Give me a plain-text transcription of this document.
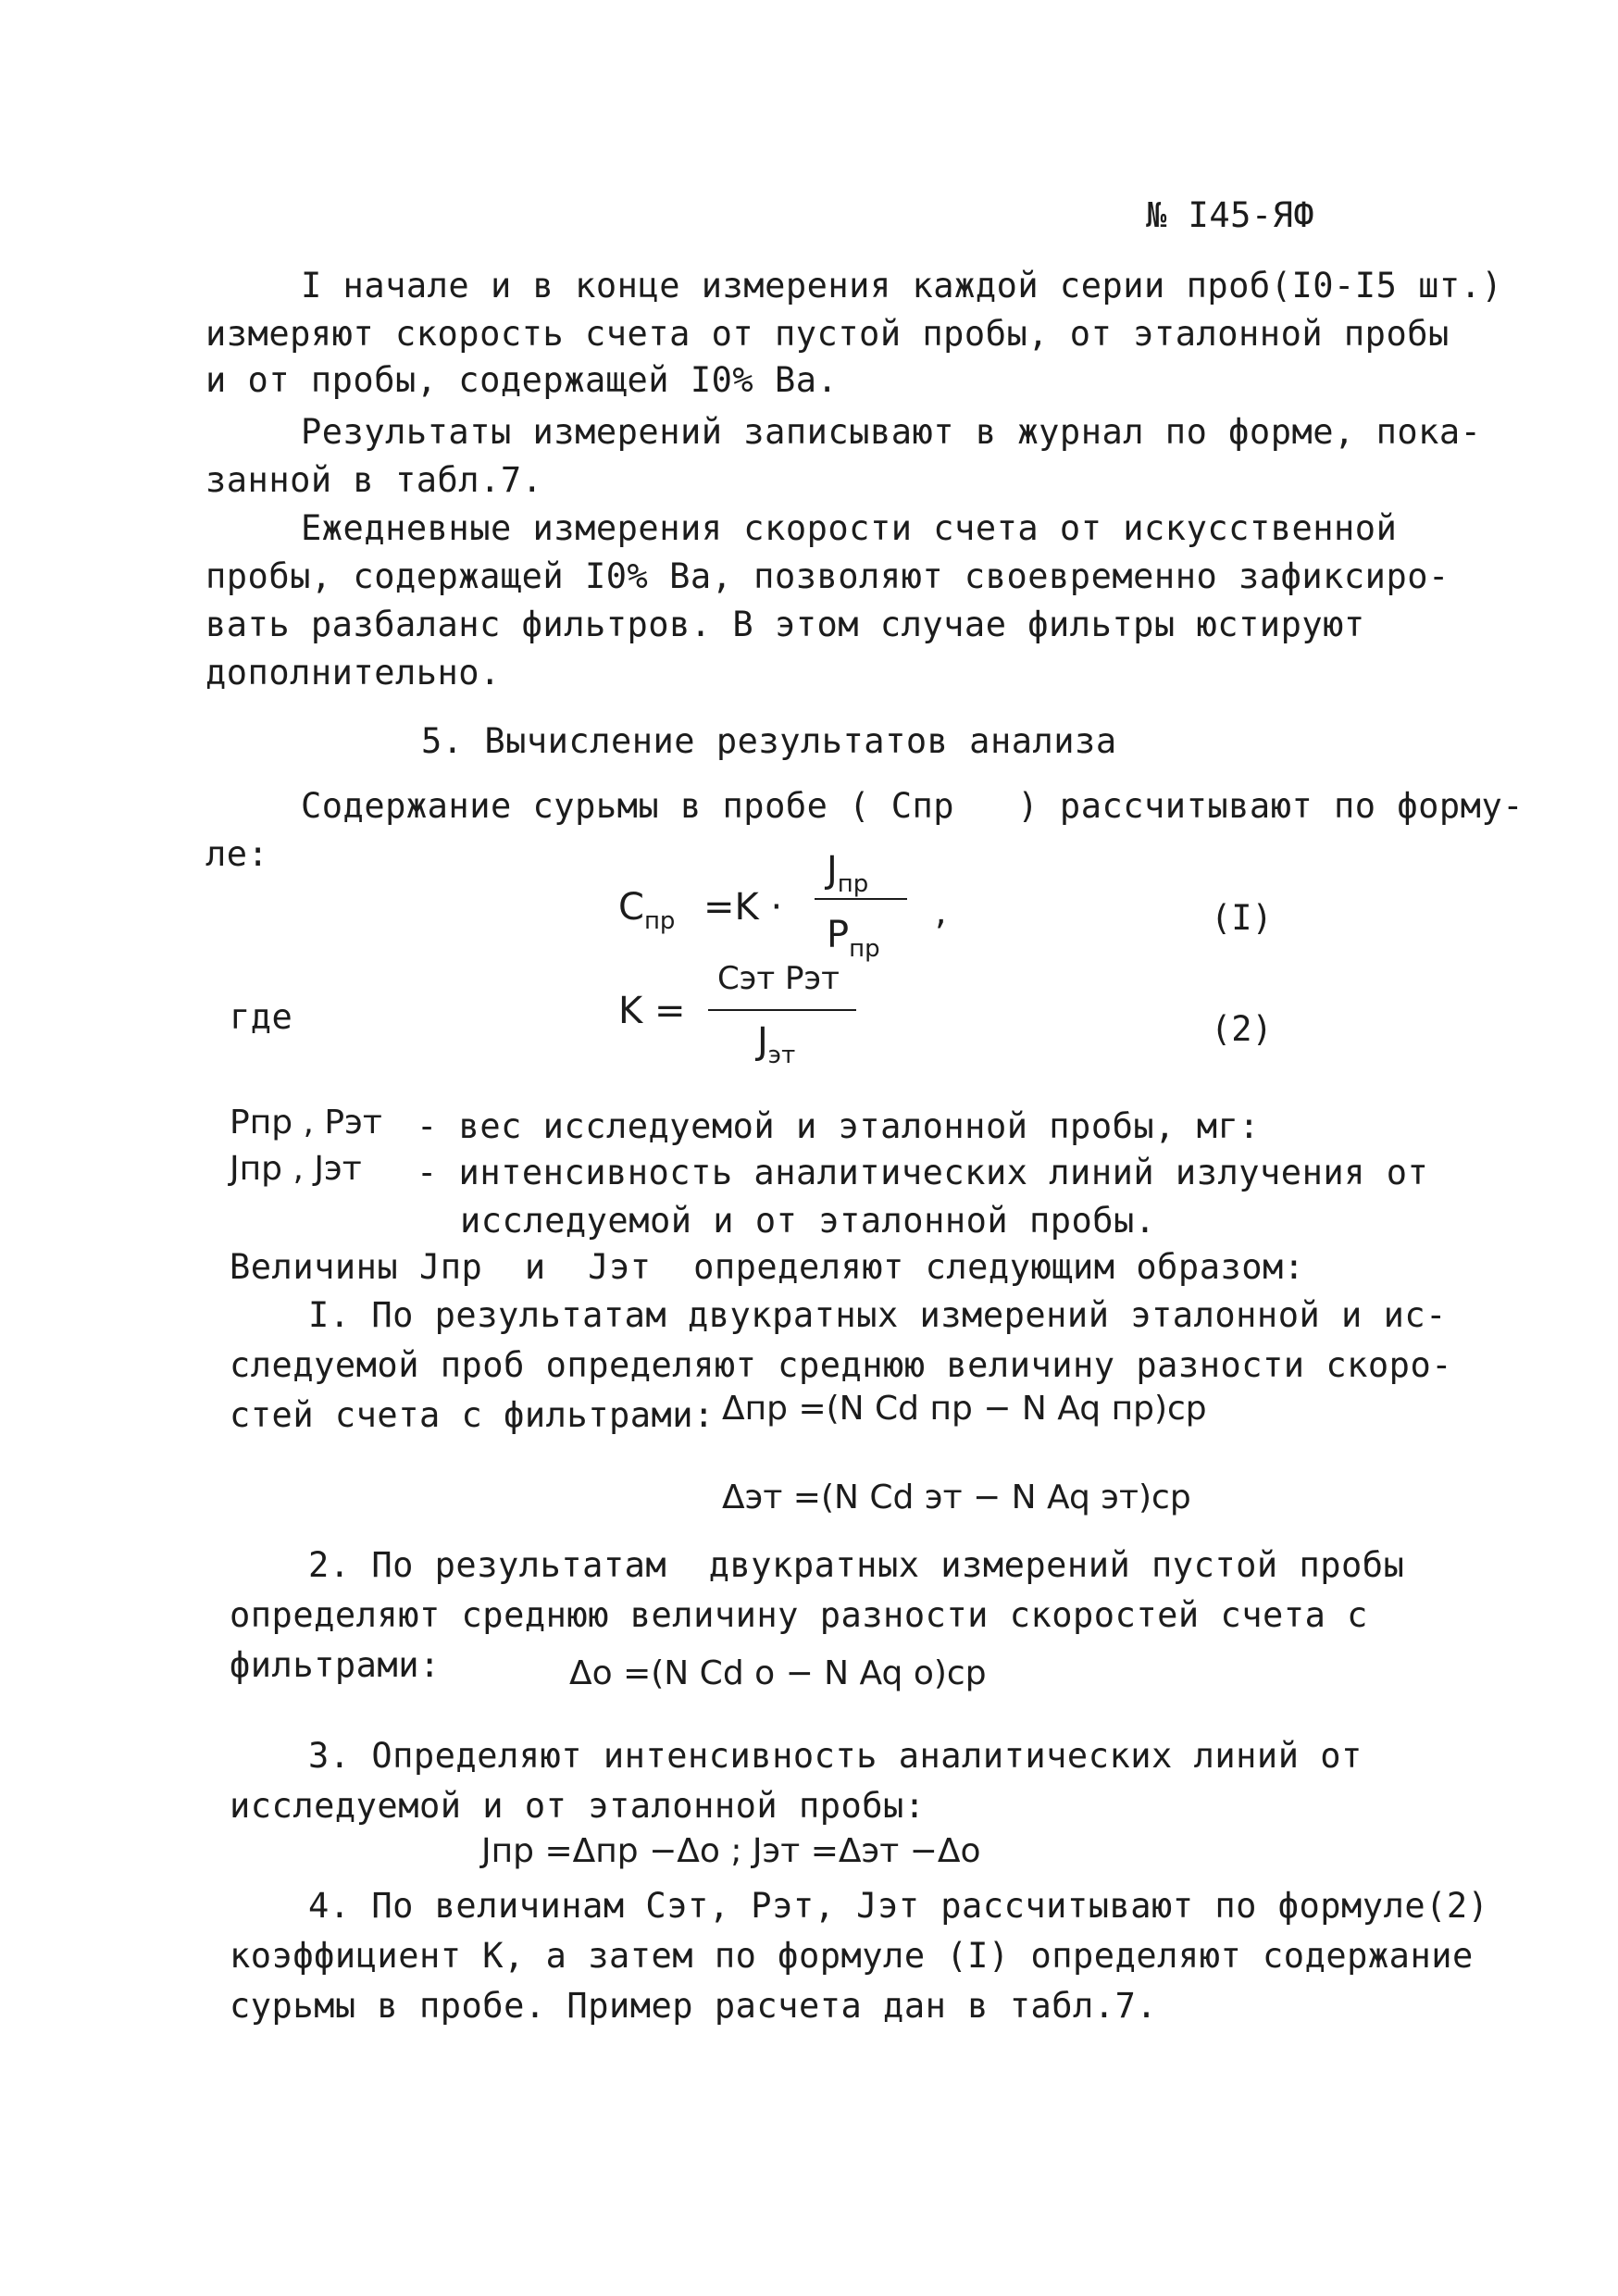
№ I45-ЯФ
I начале и в конце измерения каждой серии проб(I0-I5 шт.)
измеряют скорость счета от пустой пробы, от эталонной пробы
и от пробы, содержащей I0% Ba.
Результаты измерений записывают в журнал по форме, пока-
занной в табл.7.
Ежедневные измерения скорости счета от искусственной
пробы, содержащей I0% Ba, позволяют своевременно зафиксиро-
вать разбаланс фильтров. В этом случае фильтры юстируют
дополнительно.
5. Вычисление результатов анализа
Содержание сурьмы в пробе ( Cпр   ) рассчитывают по форму-
ле:
$C_{пр} =K$ ·
$J_{пр}$
$P_{пр}$
,	(I)
где	K =
Cэт Pэт
$J_{эт}$
(2)
Pпр , Pэт - вес исследуемой и эталонной пробы, мг:
Jпр , Jэт - интенсивность аналитических линий излучения от
исследуемой и от эталонной пробы.
Величины Jпр  и  Jэт  определяют следующим образом:
I. По результатам двукратных измерений эталонной и ис-
следуемой проб определяют среднюю величину разности скоро-
стей счета с фильтрами: Δпр =(N Cd пр − N Aq пр)ср
Δэт =(N Cd эт − N Aq эт)ср
2. По результатам  двукратных измерений пустой пробы
определяют среднюю величину разности скоростей счета с
фильтрами:	Δo =(N Cd o − N Aq o)ср
3. Определяют интенсивность аналитических линий от
исследуемой и от эталонной пробы:
Jпр =Δпр −Δo ; Jэт =Δэт −Δo
4. По величинам Cэт, Pэт, Jэт рассчитывают по формуле(2)
коэффициент К, а затем по формуле (I) определяют содержание
сурьмы в пробе. Пример расчета дан в табл.7.
